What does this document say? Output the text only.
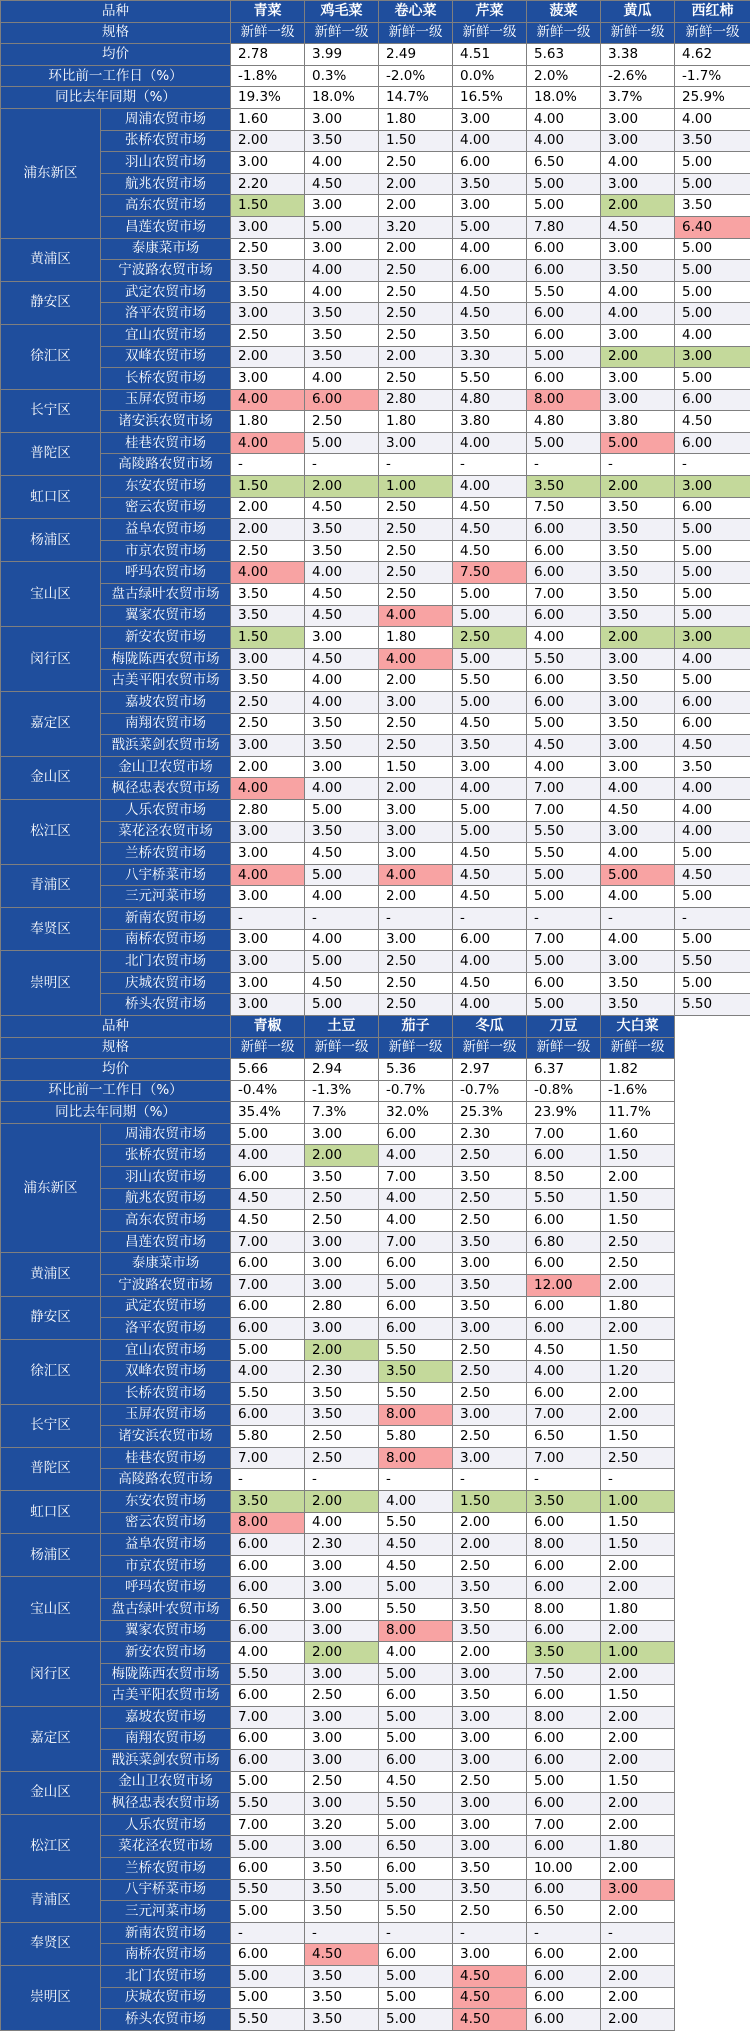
品种		青菜	鸡毛菜	卷心菜	芹菜	菠菜	黄瓜	西红柿
规格		新鲜一级	新鲜一级	新鲜一级	新鲜一级	新鲜一级	新鲜一级	新鲜一级
均价		2.78	3.99	2.49	4.51	5.63	3.38	4.62
环比前一工作日（%）		-1.8%	0.3%	-2.0%	0.0%	2.0%	-2.6%	-1.7%
同比去年同期（%）		19.3%	18.0%	14.7%	16.5%	18.0%	3.7%	25.9%
浦东新区	周浦农贸市场	1.60	3.00	1.80	3.00	4.00	3.00	4.00
	张桥农贸市场	2.00	3.50	1.50	4.00	4.00	3.00	3.50
	羽山农贸市场	3.00	4.00	2.50	6.00	6.50	4.00	5.00
	航兆农贸市场	2.20	4.50	2.00	3.50	5.00	3.00	5.00
	高东农贸市场	1.50	3.00	2.00	3.00	5.00	2.00	3.50
	昌莲农贸市场	3.00	5.00	3.20	5.00	7.80	4.50	6.40
黄浦区	泰康菜市场	2.50	3.00	2.00	4.00	6.00	3.00	5.00
	宁波路农贸市场	3.50	4.00	2.50	6.00	6.00	3.50	5.00
静安区	武定农贸市场	3.50	4.00	2.50	4.50	5.50	4.00	5.00
	洛平农贸市场	3.00	3.50	2.50	4.50	6.00	4.00	5.00
徐汇区	宜山农贸市场	2.50	3.50	2.50	3.50	6.00	3.00	4.00
	双峰农贸市场	2.00	3.50	2.00	3.30	5.00	2.00	3.00
	长桥农贸市场	3.00	4.00	2.50	5.50	6.00	3.00	5.00
长宁区	玉屏农贸市场	4.00	6.00	2.80	4.80	8.00	3.00	6.00
	诸安浜农贸市场	1.80	2.50	1.80	3.80	4.80	3.80	4.50
普陀区	桂巷农贸市场	4.00	5.00	3.00	4.00	5.00	5.00	6.00
	高陵路农贸市场	-	-	-	-	-	-	-
虹口区	东安农贸市场	1.50	2.00	1.00	4.00	3.50	2.00	3.00
	密云农贸市场	2.00	4.50	2.50	4.50	7.50	3.50	6.00
杨浦区	益阜农贸市场	2.00	3.50	2.50	4.50	6.00	3.50	5.00
	市京农贸市场	2.50	3.50	2.50	4.50	6.00	3.50	5.00
宝山区	呼玛农贸市场	4.00	4.00	2.50	7.50	6.00	3.50	5.00
	盘古绿叶农贸市场	3.50	4.50	2.50	5.00	7.00	3.50	5.00
	翼家农贸市场	3.50	4.50	4.00	5.00	6.00	3.50	5.00
闵行区	新安农贸市场	1.50	3.00	1.80	2.50	4.00	2.00	3.00
	梅陇陈西农贸市场	3.00	4.50	4.00	5.00	5.50	3.00	4.00
	古美平阳农贸市场	3.50	4.00	2.00	5.50	6.00	3.50	5.00
嘉定区	嘉坡农贸市场	2.50	4.00	3.00	5.00	6.00	3.00	6.00
	南翔农贸市场	2.50	3.50	2.50	4.50	5.00	3.50	6.00
	戬浜菜剑农贸市场	3.00	3.50	2.50	3.50	4.50	3.00	4.50
金山区	金山卫农贸市场	2.00	3.00	1.50	3.00	4.00	3.00	3.50
	枫径忠表农贸市场	4.00	4.00	2.00	4.00	7.00	4.00	4.00
松江区	人乐农贸市场	2.80	5.00	3.00	5.00	7.00	4.50	4.00
	菜花泾农贸市场	3.00	3.50	3.00	5.00	5.50	3.00	4.00
	兰桥农贸市场	3.00	4.50	3.00	4.50	5.50	4.00	5.00
青浦区	八宇桥菜市场	4.00	5.00	4.00	4.50	5.00	5.00	4.50
	三元河菜市场	3.00	4.00	2.00	4.50	5.00	4.00	5.00
奉贤区	新南农贸市场	-	-	-	-	-	-	-
	南桥农贸市场	3.00	4.00	3.00	6.00	7.00	4.00	5.00
崇明区	北门农贸市场	3.00	5.00	2.50	4.00	5.00	3.00	5.50
	庆城农贸市场	3.00	4.50	2.50	4.50	6.00	3.50	5.00
	桥头农贸市场	3.00	5.00	2.50	4.00	5.00	3.50	5.50
品种		青椒	土豆	茄子	冬瓜	刀豆	大白菜	
规格		新鲜一级	新鲜一级	新鲜一级	新鲜一级	新鲜一级	新鲜一级	
均价		5.66	2.94	5.36	2.97	6.37	1.82	
环比前一工作日（%）		-0.4%	-1.3%	-0.7%	-0.7%	-0.8%	-1.6%	
同比去年同期（%）		35.4%	7.3%	32.0%	25.3%	23.9%	11.7%	
浦东新区	周浦农贸市场	5.00	3.00	6.00	2.30	7.00	1.60	
	张桥农贸市场	4.00	2.00	4.00	2.50	6.00	1.50	
	羽山农贸市场	6.00	3.50	7.00	3.50	8.50	2.00	
	航兆农贸市场	4.50	2.50	4.00	2.50	5.50	1.50	
	高东农贸市场	4.50	2.50	4.00	2.50	6.00	1.50	
	昌莲农贸市场	7.00	3.00	7.00	3.50	6.80	2.50	
黄浦区	泰康菜市场	6.00	3.00	6.00	3.00	6.00	2.50	
	宁波路农贸市场	7.00	3.00	5.00	3.50	12.00	2.00	
静安区	武定农贸市场	6.00	2.80	6.00	3.50	6.00	1.80	
	洛平农贸市场	6.00	3.00	6.00	3.00	6.00	2.00	
徐汇区	宜山农贸市场	5.00	2.00	5.50	2.50	4.50	1.50	
	双峰农贸市场	4.00	2.30	3.50	2.50	4.00	1.20	
	长桥农贸市场	5.50	3.50	5.50	2.50	6.00	2.00	
长宁区	玉屏农贸市场	6.00	3.50	8.00	3.00	7.00	2.00	
	诸安浜农贸市场	5.80	2.50	5.80	2.50	6.50	1.50	
普陀区	桂巷农贸市场	7.00	2.50	8.00	3.00	7.00	2.50	
	高陵路农贸市场	-	-	-	-	-	-	
虹口区	东安农贸市场	3.50	2.00	4.00	1.50	3.50	1.00	
	密云农贸市场	8.00	4.00	5.50	2.00	6.00	1.50	
杨浦区	益阜农贸市场	6.00	2.30	4.50	2.00	8.00	1.50	
	市京农贸市场	6.00	3.00	4.50	2.50	6.00	2.00	
宝山区	呼玛农贸市场	6.00	3.00	5.00	3.50	6.00	2.00	
	盘古绿叶农贸市场	6.50	3.00	5.50	3.50	8.00	1.80	
	翼家农贸市场	6.00	3.00	8.00	3.50	6.00	2.00	
闵行区	新安农贸市场	4.00	2.00	4.00	2.00	3.50	1.00	
	梅陇陈西农贸市场	5.50	3.00	5.00	3.00	7.50	2.00	
	古美平阳农贸市场	6.00	2.50	6.00	3.50	6.00	1.50	
嘉定区	嘉坡农贸市场	7.00	3.00	5.00	3.00	8.00	2.00	
	南翔农贸市场	6.00	3.00	5.00	3.00	6.00	2.00	
	戬浜菜剑农贸市场	6.00	3.00	6.00	3.00	6.00	2.00	
金山区	金山卫农贸市场	5.00	2.50	4.50	2.50	5.00	1.50	
	枫径忠表农贸市场	5.50	3.00	5.50	3.00	6.00	2.00	
松江区	人乐农贸市场	7.00	3.20	5.00	3.00	7.00	2.00	
	菜花泾农贸市场	5.00	3.00	6.50	3.00	6.00	1.80	
	兰桥农贸市场	6.00	3.50	6.00	3.50	10.00	2.00	
青浦区	八宇桥菜市场	5.50	3.50	5.00	3.50	6.00	3.00	
	三元河菜市场	5.00	3.50	5.50	2.50	6.50	2.00	
奉贤区	新南农贸市场	-	-	-	-	-	-	
	南桥农贸市场	6.00	4.50	6.00	3.00	6.00	2.00	
崇明区	北门农贸市场	5.00	3.50	5.00	4.50	6.00	2.00	
	庆城农贸市场	5.00	3.50	5.00	4.50	6.00	2.00	
	桥头农贸市场	5.50	3.50	5.00	4.50	6.00	2.00	
